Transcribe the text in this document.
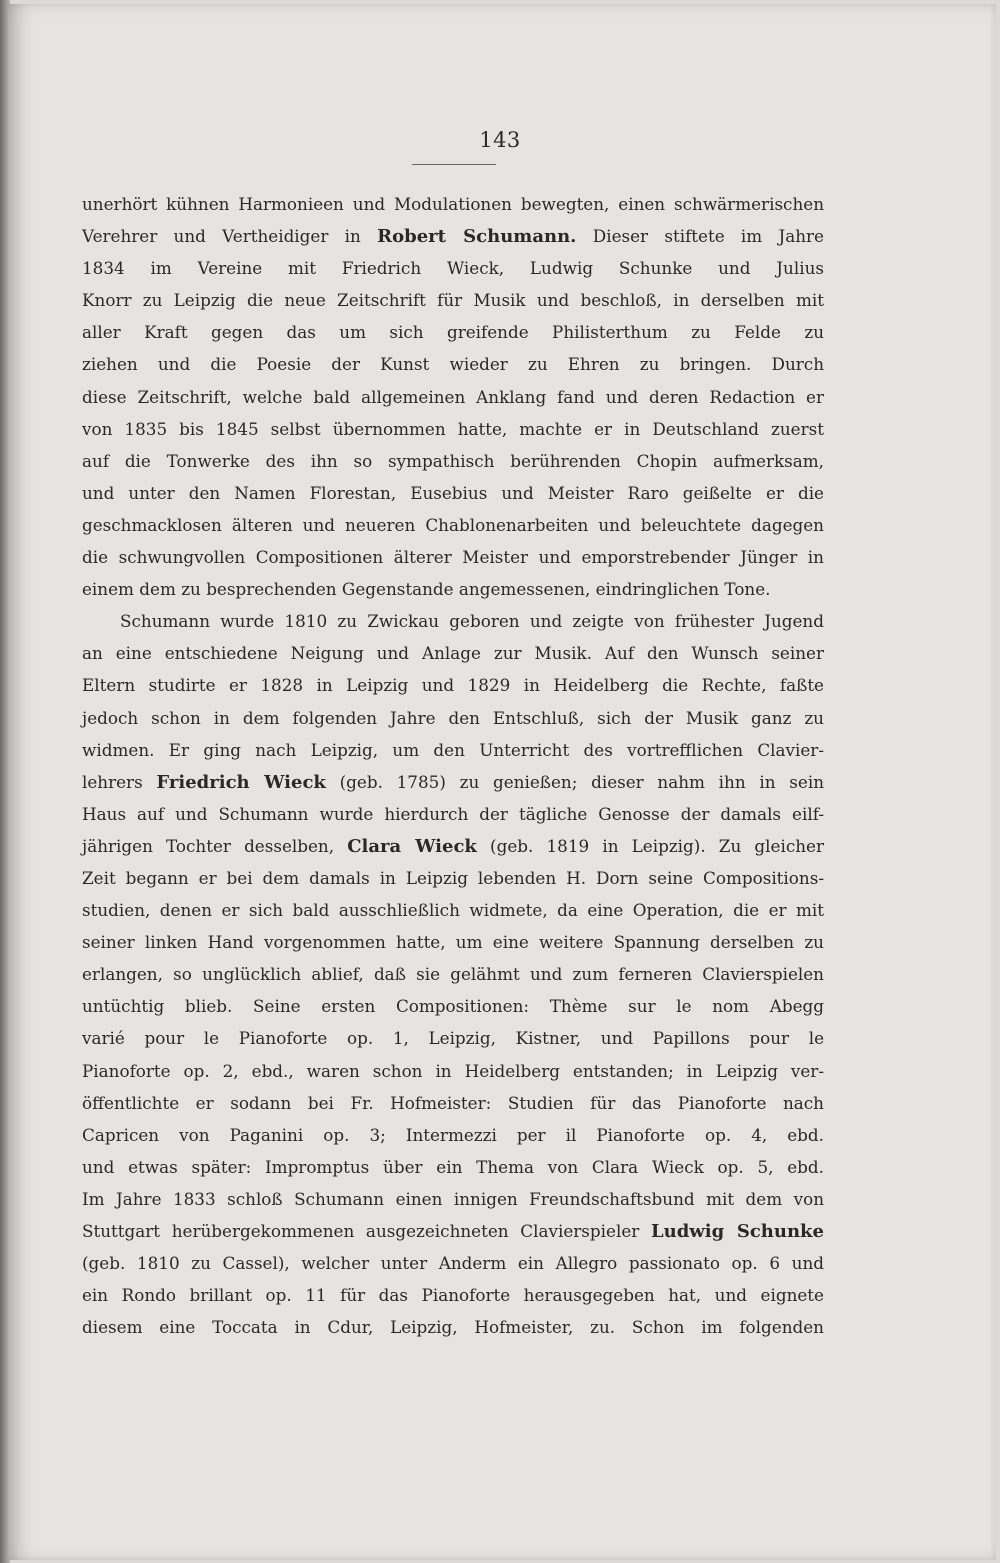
143
unerhört kühnen Harmonieen und Modulationen bewegten, einen schwärmerischen
Verehrer und Vertheidiger in Robert Schumann. Dieser stiftete im Jahre
1834 im Vereine mit Friedrich Wieck, Ludwig Schunke und Julius
Knorr zu Leipzig die neue Zeitschrift für Musik und beschloß, in derselben mit
aller Kraft gegen das um sich greifende Philisterthum zu Felde zu
ziehen und die Poesie der Kunst wieder zu Ehren zu bringen. Durch
diese Zeitschrift, welche bald allgemeinen Anklang fand und deren Redaction er
von 1835 bis 1845 selbst übernommen hatte, machte er in Deutschland zuerst
auf die Tonwerke des ihn so sympathisch berührenden Chopin aufmerksam,
und unter den Namen Florestan, Eusebius und Meister Raro geißelte er die
geschmacklosen älteren und neueren Chablonenarbeiten und beleuchtete dagegen
die schwungvollen Compositionen älterer Meister und emporstrebender Jünger in
einem dem zu besprechenden Gegenstande angemessenen, eindringlichen Tone.
Schumann wurde 1810 zu Zwickau geboren und zeigte von frühester Jugend
an eine entschiedene Neigung und Anlage zur Musik. Auf den Wunsch seiner
Eltern studirte er 1828 in Leipzig und 1829 in Heidelberg die Rechte, faßte
jedoch schon in dem folgenden Jahre den Entschluß, sich der Musik ganz zu
widmen. Er ging nach Leipzig, um den Unterricht des vortrefflichen Clavier-
lehrers Friedrich Wieck (geb. 1785) zu genießen; dieser nahm ihn in sein
Haus auf und Schumann wurde hierdurch der tägliche Genosse der damals eilf-
jährigen Tochter desselben, Clara Wieck (geb. 1819 in Leipzig). Zu gleicher
Zeit begann er bei dem damals in Leipzig lebenden H. Dorn seine Compositions-
studien, denen er sich bald ausschließlich widmete, da eine Operation, die er mit
seiner linken Hand vorgenommen hatte, um eine weitere Spannung derselben zu
erlangen, so unglücklich ablief, daß sie gelähmt und zum ferneren Clavierspielen
untüchtig blieb. Seine ersten Compositionen: Thème sur le nom Abegg
varié pour le Pianoforte op. 1, Leipzig, Kistner, und Papillons pour le
Pianoforte op. 2, ebd., waren schon in Heidelberg entstanden; in Leipzig ver-
öffentlichte er sodann bei Fr. Hofmeister: Studien für das Pianoforte nach
Capricen von Paganini op. 3; Intermezzi per il Pianoforte op. 4, ebd.
und etwas später: Impromptus über ein Thema von Clara Wieck op. 5, ebd.
Im Jahre 1833 schloß Schumann einen innigen Freundschaftsbund mit dem von
Stuttgart herübergekommenen ausgezeichneten Clavierspieler Ludwig Schunke
(geb. 1810 zu Cassel), welcher unter Anderm ein Allegro passionato op. 6 und
ein Rondo brillant op. 11 für das Pianoforte herausgegeben hat, und eignete
diesem eine Toccata in Cdur, Leipzig, Hofmeister, zu. Schon im folgenden
